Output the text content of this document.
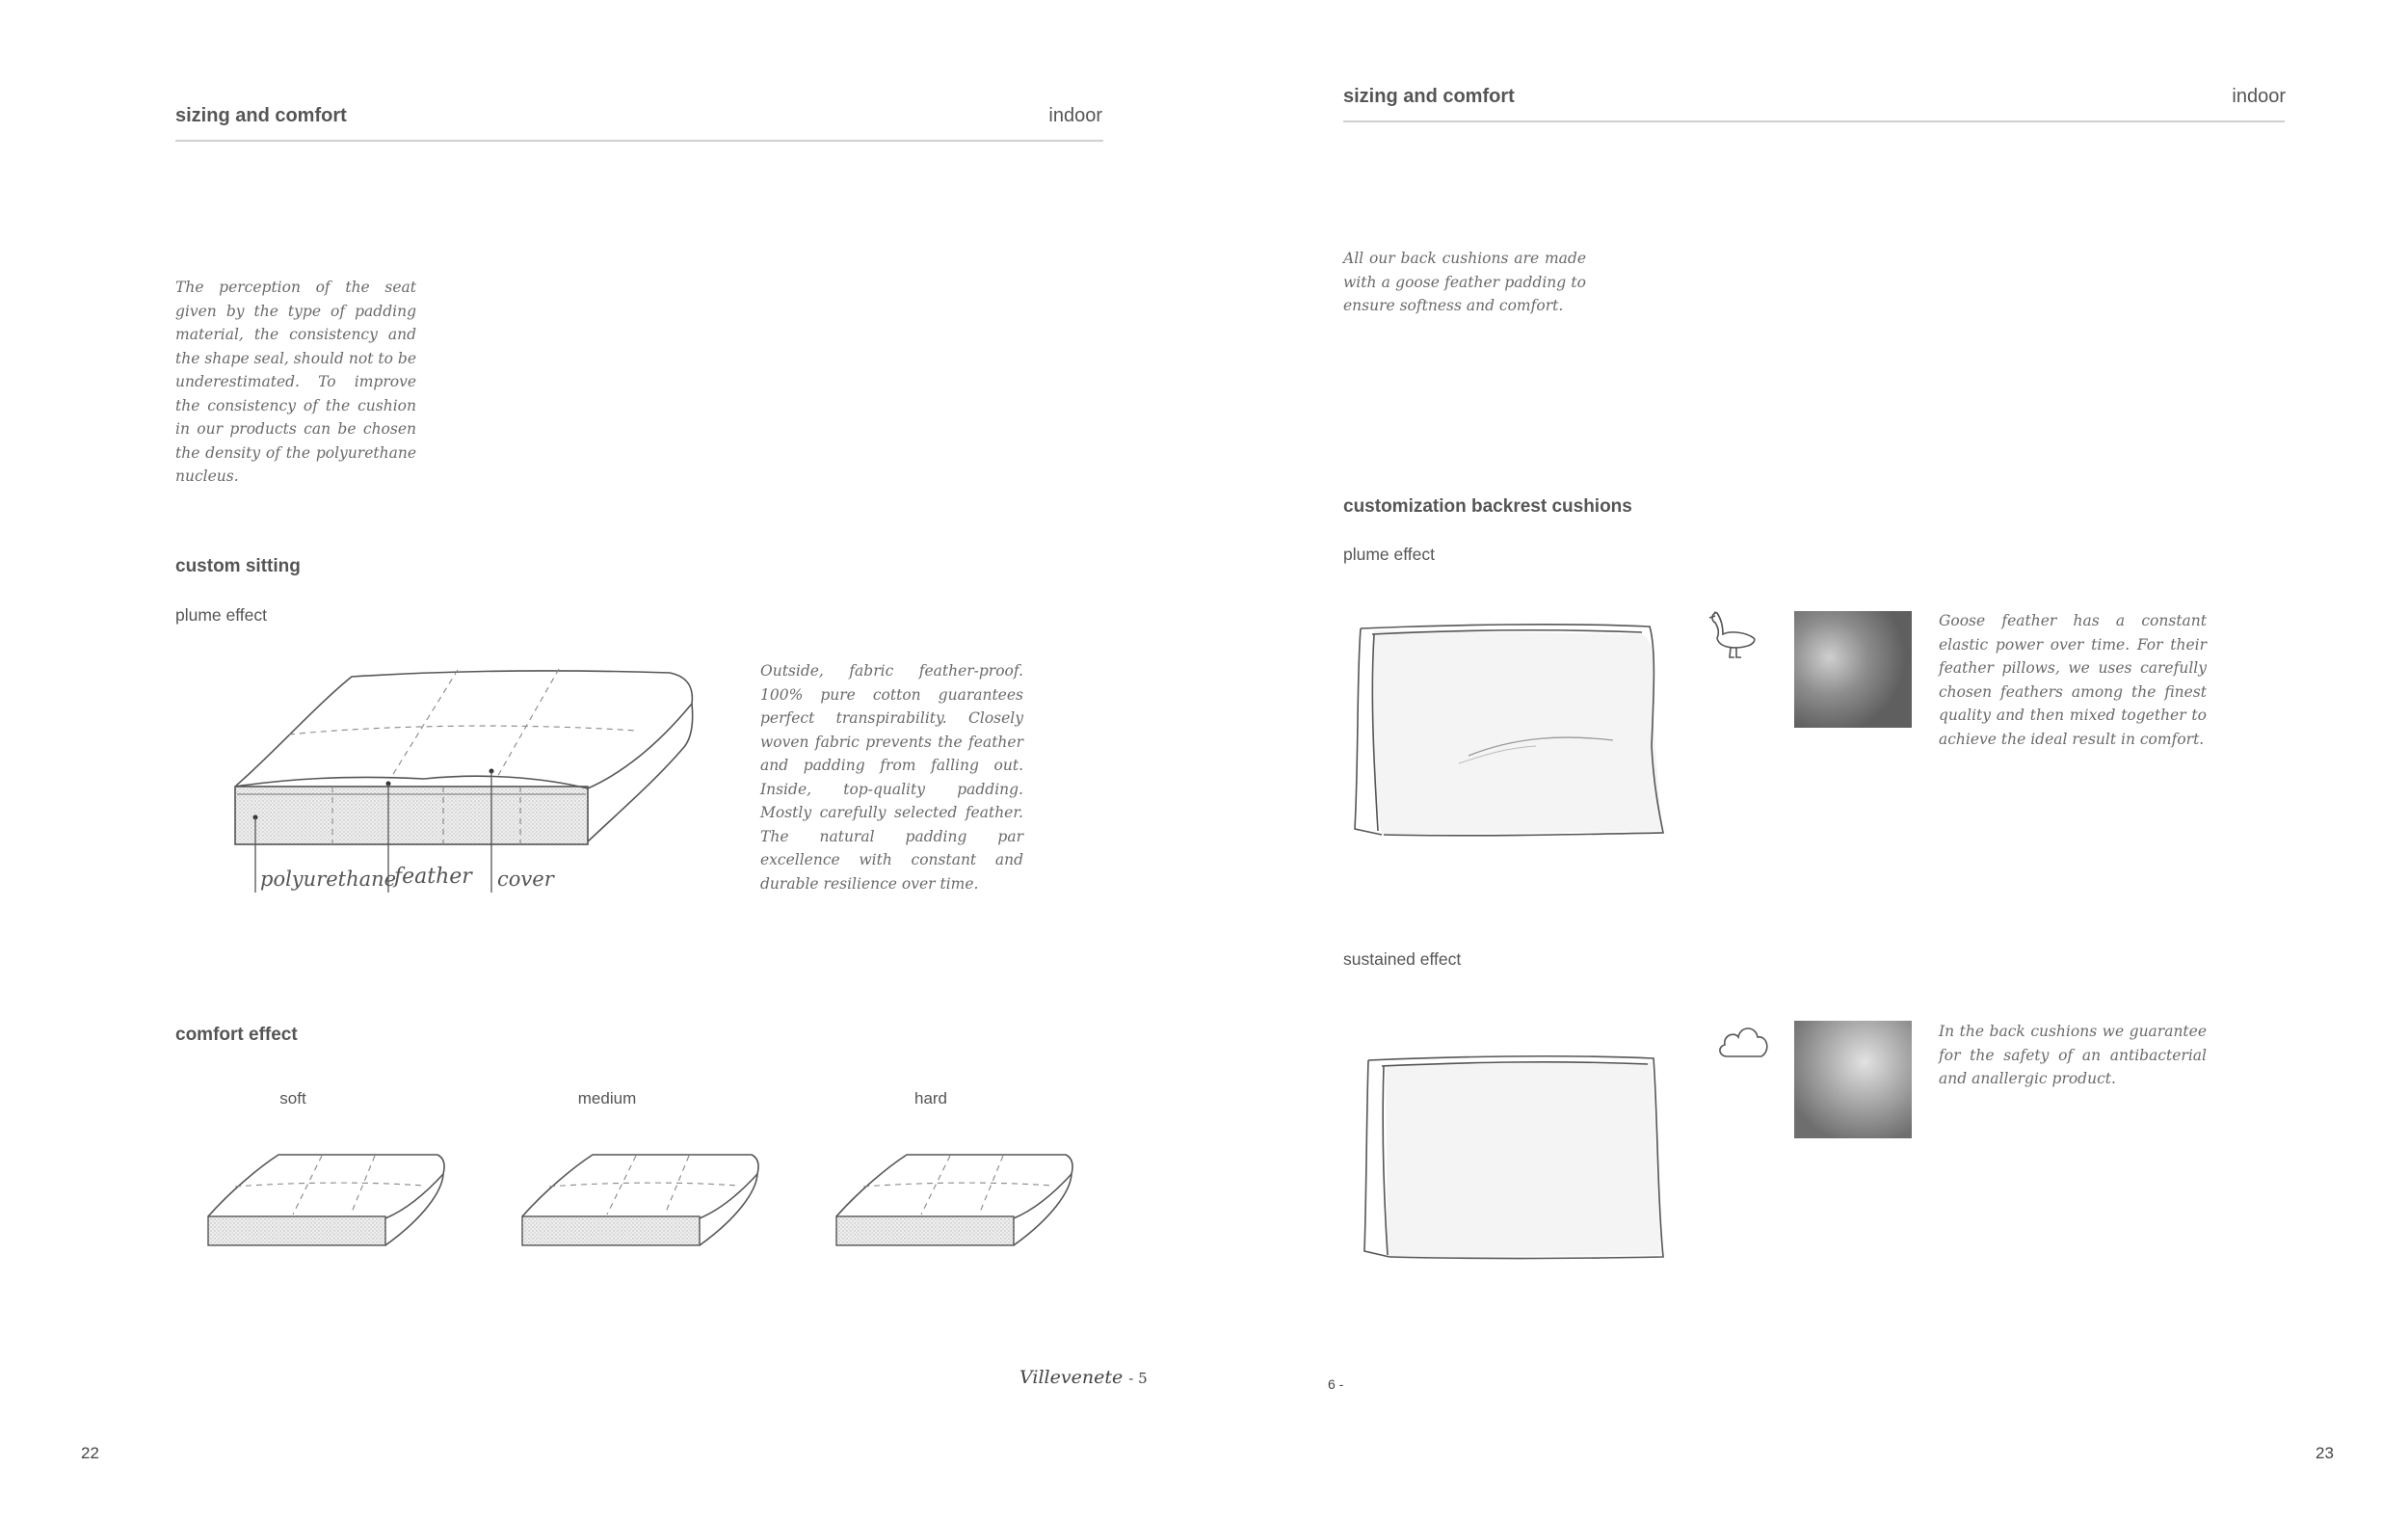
sizing and comfort	indoor
The perception of the seat given by the type of padding material, the consistency and the shape seal, should not to be underestimated. To improve the consistency of the cushion in our products can be chosen the density of the polyurethane nucleus.
custom sitting
plume effect
polyurethane
feather cover
Outside, fabric feather-proof. 100% pure cotton guarantees perfect transpirability. Closely woven fabric prevents the feather and padding from falling out. Inside, top-quality padding. Mostly carefully selected feather. The natural padding par excellence with constant and durable resilience over time.
comfort effect
soft	medium	hard
Villevenete - 5
22
sizing and comfort	indoor
All our back cushions are made with a goose feather padding to ensure softness and comfort.
customization backrest cushions
plume effect
Goose feather has a constant elastic power over time. For their feather pillows, we uses carefully chosen feathers among the finest quality and then mixed together to achieve the ideal result in comfort.
sustained effect
In the back cushions we guarantee for the safety of an antibacterial and anallergic product.
6 -
23
